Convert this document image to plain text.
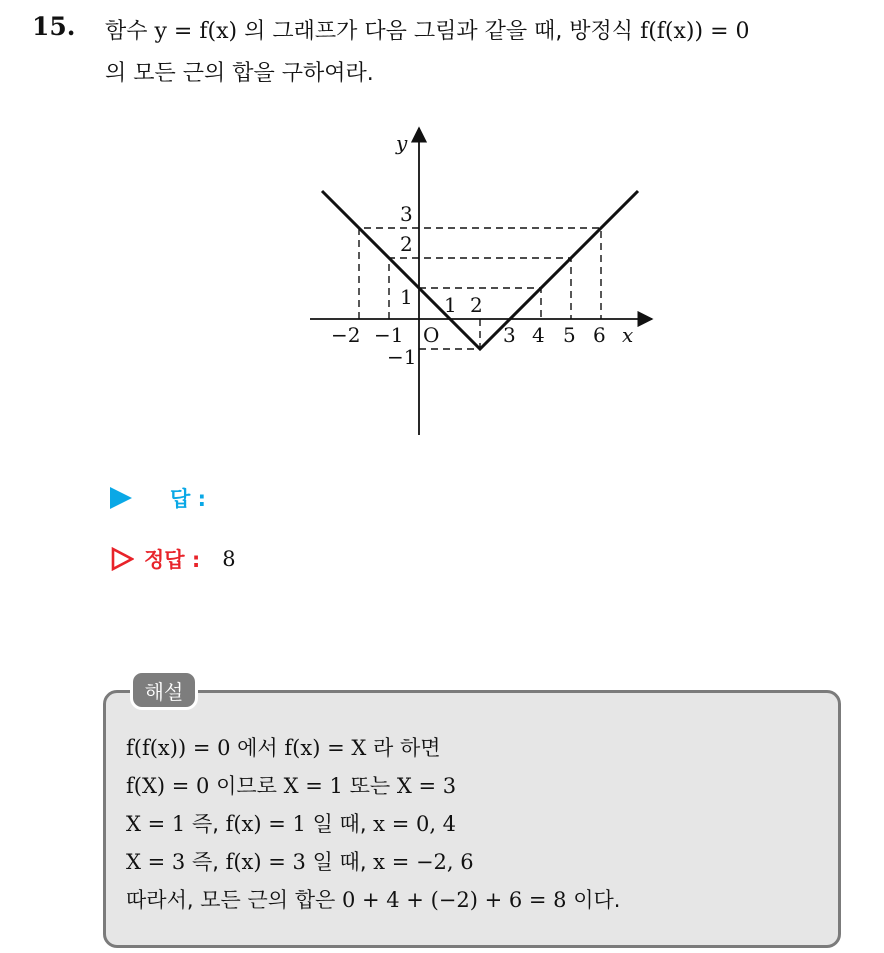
15. 함수 y = f(x) 의 그래프가 다음 그림과 같을 때, 방정식 f(f(x)) = 0
의 모든 근의 합을 구하여라.
y
x
O
−2 −1
1 2
3 4 5 6
3
2
1
−1
답 :
정답 : 8
해설
f(f(x)) = 0 에서 f(x) = X 라 하면
f(X) = 0 이므로 X = 1 또는 X = 3
X = 1 즉, f(x) = 1 일 때, x = 0, 4
X = 3 즉, f(x) = 3 일 때, x = −2, 6
따라서, 모든 근의 합은 0 + 4 + (−2) + 6 = 8 이다.
